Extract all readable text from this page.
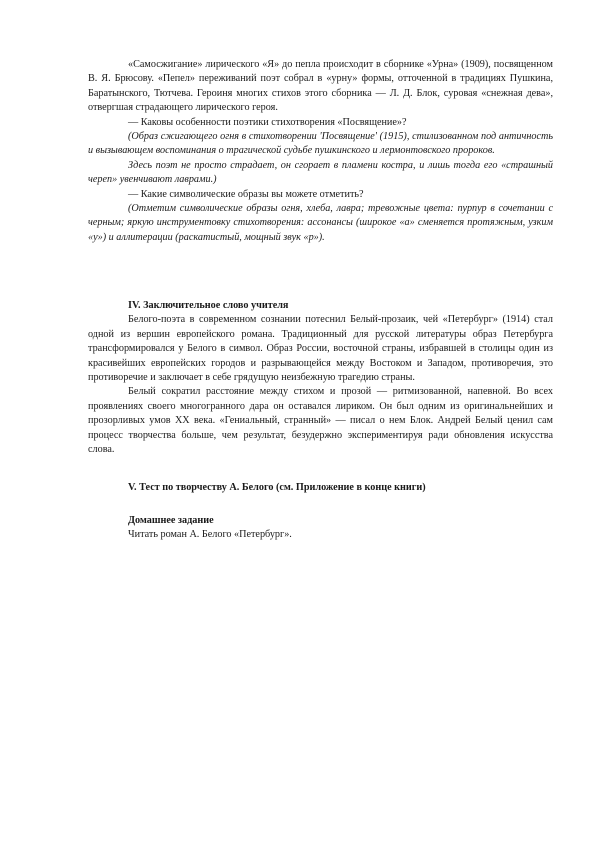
«Самосжигание» лирического «Я» до пепла происходит в сборнике «Урна» (1909), посвященном В. Я. Брюсову. «Пепел» переживаний поэт собрал в «урну» формы, отточенной в традициях Пушкина, Баратынского, Тютчева. Героиня многих стихов этого сборника — Л. Д. Блок, суровая «снежная дева», отвергшая страдающего лирического героя.

— Каковы особенности поэтики стихотворения «Посвящение»?

(Образ сжигающего огня в стихотворении 'Посвящение' (1915), стилизованном под античность и вызывающем воспоминания о трагической судьбе пушкинского и лермонтовского пророков.

Здесь поэт не просто страдает, он сгорает в пламени костра, и лишь тогда его «страшный череп» увенчивают лаврами.)

— Какие символические образы вы можете отметить?

(Отметим символические образы огня, хлеба, лавра; тревожные цвета: пурпур в сочетании с черным; яркую инструментовку стихотворения: ассонансы (широкое «а» сменяется протяжным, узким «у») и аллитерации (раскатистый, мощный звук «р»).

IV. Заключительное слово учителя

Белого-поэта в современном сознании потеснил Белый-прозаик, чей «Петербург» (1914) стал одной из вершин европейского романа. Традиционный для русской литературы образ Петербурга трансформировался у Белого в символ. Образ России, восточной страны, избравшей в столицы один из красивейших европейских городов и разрывающейся между Востоком и Западом, противоречия, это противоречие и заключает в себе грядущую неизбежную трагедию страны.

Белый сократил расстояние между стихом и прозой — ритмизованной, напевной. Во всех проявлениях своего многогранного дара он оставался лириком. Он был одним из оригинальнейших и прозорливых умов XX века. «Гениальный, странный» — писал о нем Блок. Андрей Белый ценил сам процесс творчества больше, чем результат, безудержно экспериментируя ради обновления искусства слова.

V. Тест по творчеству А. Белого (см. Приложение в конце книги)

Домашнее задание

Читать роман А. Белого «Петербург».
